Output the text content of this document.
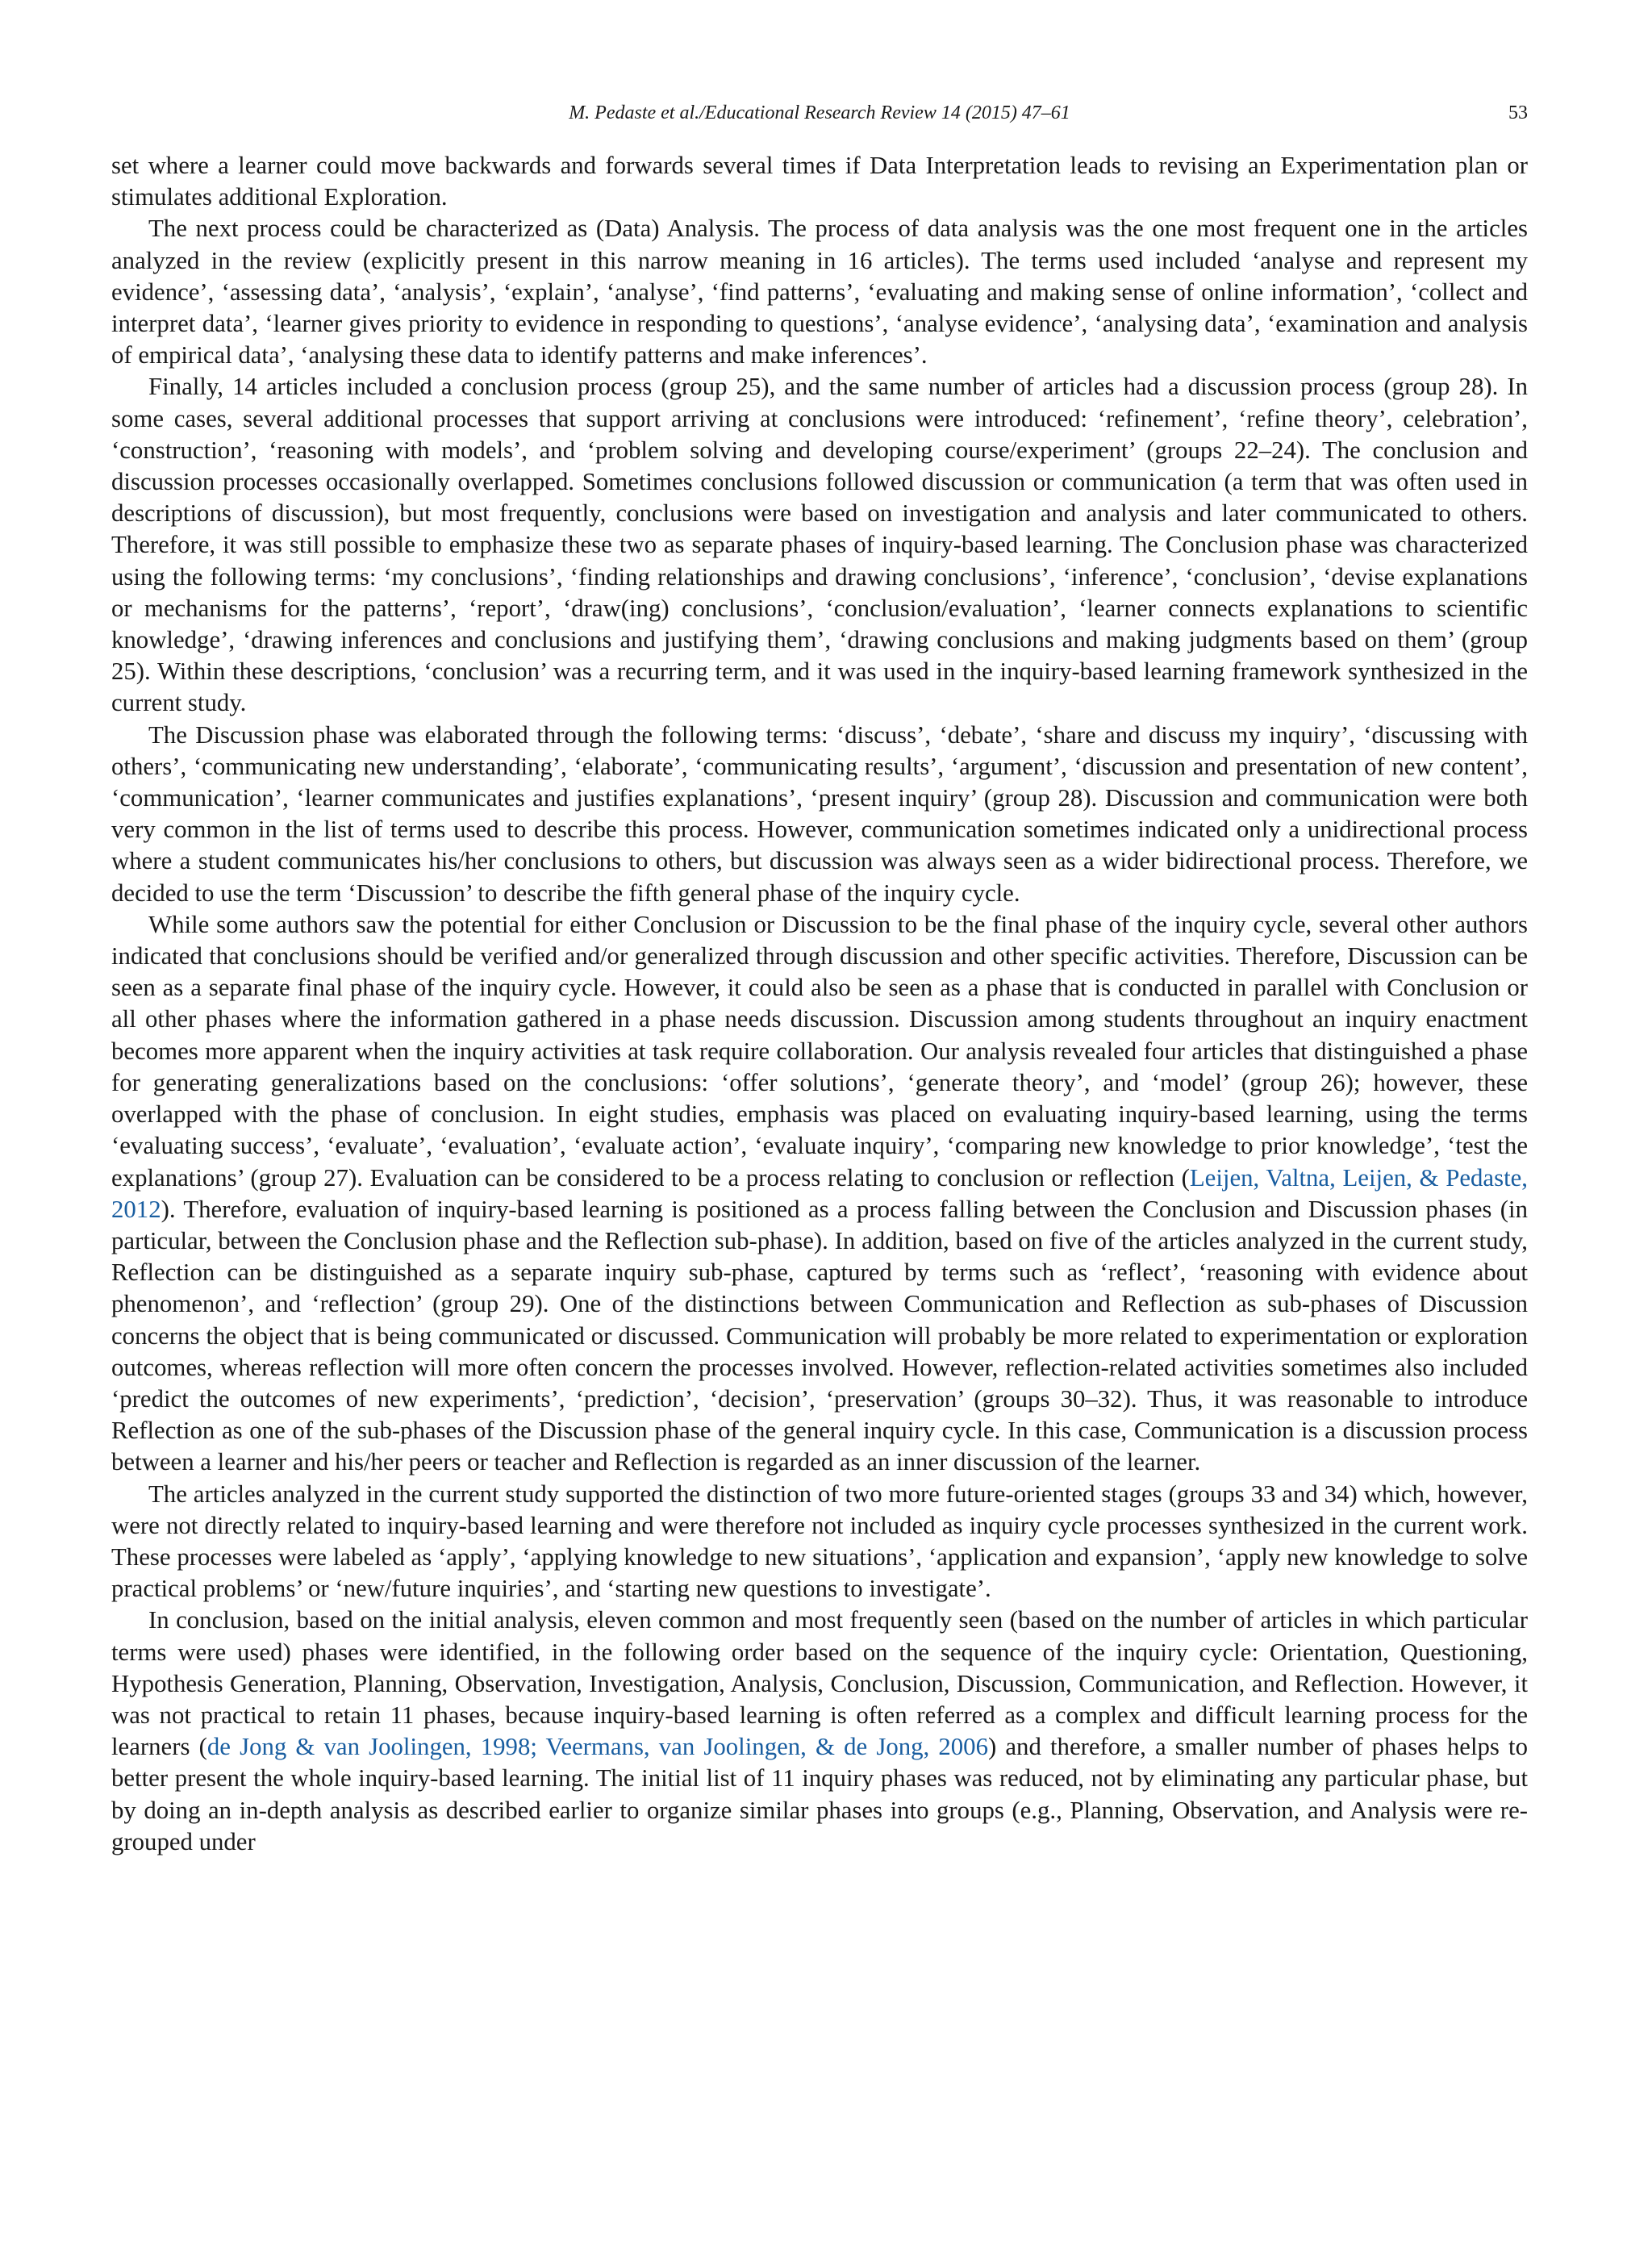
M. Pedaste et al./Educational Research Review 14 (2015) 47–61	53

set where a learner could move backwards and forwards several times if Data Interpretation leads to revising an Experimentation plan or stimulates additional Exploration.

The next process could be characterized as (Data) Analysis. The process of data analysis was the one most frequent one in the articles analyzed in the review (explicitly present in this narrow meaning in 16 articles). The terms used included ‘analyse and represent my evidence’, ‘assessing data’, ‘analysis’, ‘explain’, ‘analyse’, ‘find patterns’, ‘evaluating and making sense of online information’, ‘collect and interpret data’, ‘learner gives priority to evidence in responding to questions’, ‘analyse evidence’, ‘analysing data’, ‘examination and analysis of empirical data’, ‘analysing these data to identify patterns and make inferences’.

Finally, 14 articles included a conclusion process (group 25), and the same number of articles had a discussion process (group 28). In some cases, several additional processes that support arriving at conclusions were introduced: ‘refinement’, ‘refine theory’, celebration’, ‘construction’, ‘reasoning with models’, and ‘problem solving and developing course/experiment’ (groups 22–24). The conclusion and discussion processes occasionally overlapped. Sometimes conclusions followed discussion or communication (a term that was often used in descriptions of discussion), but most frequently, conclusions were based on investigation and analysis and later communicated to others. Therefore, it was still possible to emphasize these two as separate phases of inquiry-based learning. The Conclusion phase was characterized using the following terms: ‘my conclusions’, ‘finding relationships and drawing conclusions’, ‘inference’, ‘conclusion’, ‘devise explanations or mechanisms for the patterns’, ‘report’, ‘draw(ing) conclusions’, ‘conclusion/evaluation’, ‘learner connects explanations to scientific knowledge’, ‘drawing inferences and conclusions and justifying them’, ‘drawing conclusions and making judgments based on them’ (group 25). Within these descriptions, ‘conclusion’ was a recurring term, and it was used in the inquiry-based learning framework synthesized in the current study.

The Discussion phase was elaborated through the following terms: ‘discuss’, ‘debate’, ‘share and discuss my inquiry’, ‘discussing with others’, ‘communicating new understanding’, ‘elaborate’, ‘communicating results’, ‘argument’, ‘discussion and presentation of new content’, ‘communication’, ‘learner communicates and justifies explanations’, ‘present inquiry’ (group 28). Discussion and communication were both very common in the list of terms used to describe this process. However, communication sometimes indicated only a unidirectional process where a student communicates his/her conclusions to others, but discussion was always seen as a wider bidirectional process. Therefore, we decided to use the term ‘Discussion’ to describe the fifth general phase of the inquiry cycle.

While some authors saw the potential for either Conclusion or Discussion to be the final phase of the inquiry cycle, several other authors indicated that conclusions should be verified and/or generalized through discussion and other specific activities. Therefore, Discussion can be seen as a separate final phase of the inquiry cycle. However, it could also be seen as a phase that is conducted in parallel with Conclusion or all other phases where the information gathered in a phase needs discussion. Discussion among students throughout an inquiry enactment becomes more apparent when the inquiry activities at task require collaboration. Our analysis revealed four articles that distinguished a phase for generating generalizations based on the conclusions: ‘offer solutions’, ‘generate theory’, and ‘model’ (group 26); however, these overlapped with the phase of conclusion. In eight studies, emphasis was placed on evaluating inquiry-based learning, using the terms ‘evaluating success’, ‘evaluate’, ‘evaluation’, ‘evaluate action’, ‘evaluate inquiry’, ‘comparing new knowledge to prior knowledge’, ‘test the explanations’ (group 27). Evaluation can be considered to be a process relating to conclusion or reflection (Leijen, Valtna, Leijen, & Pedaste, 2012). Therefore, evaluation of inquiry-based learning is positioned as a process falling between the Conclusion and Discussion phases (in particular, between the Conclusion phase and the Reflection sub-phase). In addition, based on five of the articles analyzed in the current study, Reflection can be distinguished as a separate inquiry sub-phase, captured by terms such as ‘reflect’, ‘reasoning with evidence about phenomenon’, and ‘reflection’ (group 29). One of the distinctions between Communication and Reflection as sub-phases of Discussion concerns the object that is being communicated or discussed. Communication will probably be more related to experimentation or exploration outcomes, whereas reflection will more often concern the processes involved. However, reflection-related activities sometimes also included ‘predict the outcomes of new experiments’, ‘prediction’, ‘decision’, ‘preservation’ (groups 30–32). Thus, it was reasonable to introduce Reflection as one of the sub-phases of the Discussion phase of the general inquiry cycle. In this case, Communication is a discussion process between a learner and his/her peers or teacher and Reflection is regarded as an inner discussion of the learner.

The articles analyzed in the current study supported the distinction of two more future-oriented stages (groups 33 and 34) which, however, were not directly related to inquiry-based learning and were therefore not included as inquiry cycle processes synthesized in the current work. These processes were labeled as ‘apply’, ‘applying knowledge to new situations’, ‘application and expansion’, ‘apply new knowledge to solve practical problems’ or ‘new/future inquiries’, and ‘starting new questions to investigate’.

In conclusion, based on the initial analysis, eleven common and most frequently seen (based on the number of articles in which particular terms were used) phases were identified, in the following order based on the sequence of the inquiry cycle: Orientation, Questioning, Hypothesis Generation, Planning, Observation, Investigation, Analysis, Conclusion, Discussion, Communication, and Reflection. However, it was not practical to retain 11 phases, because inquiry-based learning is often referred as a complex and difficult learning process for the learners (de Jong & van Joolingen, 1998; Veermans, van Joolingen, & de Jong, 2006) and therefore, a smaller number of phases helps to better present the whole inquiry-based learning. The initial list of 11 inquiry phases was reduced, not by eliminating any particular phase, but by doing an in-depth analysis as described earlier to organize similar phases into groups (e.g., Planning, Observation, and Analysis were re-grouped under
